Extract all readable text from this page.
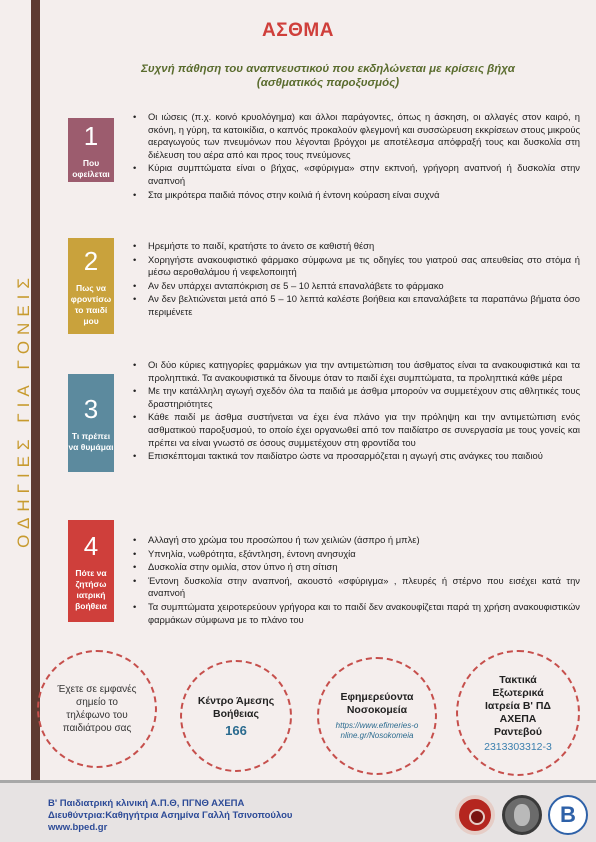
ΟΔΗΓΙΕΣ ΓΙΑ ΓΟΝΕΙΣ
ΑΣΘΜΑ
Συχνή πάθηση του αναπνευστικού που εκδηλώνεται με κρίσεις βήχα
(ασθματικός παροξυσμός)
1
Που οφείλεται
• Οι ιώσεις (π.χ. κοινό κρυολόγημα) και άλλοι παράγοντες, όπως η άσκηση, οι αλλαγές στον καιρό, η σκόνη, η γύρη, τα κατοικίδια, ο καπνός προκαλούν φλεγμονή και συσσώρευση εκκρίσεων στους μικρούς αεραγωγούς των πνευμόνων που λέγονται βρόγχοι με αποτέλεσμα απόφραξή τους και δυσκολία στη διέλευση του αέρα από και προς τους πνεύμονες
• Κύρια συμπτώματα είναι ο βήχας, «σφύριγμα» στην εκπνοή, γρήγορη αναπνοή ή δυσκολία στην αναπνοή
• Στα μικρότερα παιδιά πόνος στην κοιλιά ή έντονη κούραση είναι συχνά
2
Πως να φροντίσω το παιδί μου
• Ηρεμήστε το παιδί, κρατήστε το άνετο σε καθιστή θέση
• Χορηγήστε ανακουφιστικό φάρμακο σύμφωνα με τις οδηγίες του γιατρού σας απευθείας στο στόμα ή μέσω αεροθαλάμου ή νεφελοποιητή
• Αν δεν υπάρχει ανταπόκριση σε 5 – 10 λεπτά επαναλάβετε το φάρμακο
• Αν δεν βελτιώνεται μετά από 5 – 10 λεπτά καλέστε βοήθεια και επαναλάβετε τα παραπάνω βήματα όσο περιμένετε
3
Τι πρέπει να θυμάμαι
• Οι δύο κύριες κατηγορίες φαρμάκων για την αντιμετώπιση του άσθματος είναι τα ανακουφιστικά και τα προληπτικά. Τα ανακουφιστικά τα δίνουμε όταν το παιδί έχει συμπτώματα, τα προληπτικά κάθε μέρα
• Με την κατάλληλη αγωγή σχεδόν όλα τα παιδιά με άσθμα μπορούν να συμμετέχουν στις αθλητικές τους δραστηριότητες
• Κάθε παιδί με άσθμα συστήνεται να έχει ένα πλάνο για την πρόληψη και την αντιμετώπιση ενός ασθματικού παροξυσμού, το οποίο έχει οργανωθεί από τον παιδίατρο σε συνεργασία με τους γονείς και πρέπει να είναι γνωστό σε όσους συμμετέχουν στη φροντίδα του
• Επισκέπτομαι τακτικά τον παιδίατρο ώστε να προσαρμόζεται η αγωγή στις ανάγκες του παιδιού
4
Πότε να ζητήσω ιατρική βοήθεια
• Αλλαγή στο χρώμα του προσώπου ή των χειλιών (άσπρο ή μπλε)
• Υπνηλία, νωθρότητα, εξάντληση, έντονη ανησυχία
• Δυσκολία στην ομιλία, στον ύπνο ή στη σίτιση
• Έντονη δυσκολία στην αναπνοή, ακουστό «σφύριγμα» , πλευρές ή στέρνο που εισέχει κατά την αναπνοή
• Τα συμπτώματα χειροτερεύουν γρήγορα και το παιδί δεν ανακουφίζεται παρά τη χρήση ανακουφιστικών φαρμάκων σύμφωνα με το πλάνο του
Έχετε σε εμφανές σημείο το τηλέφωνο του παιδιάτρου σας
Κέντρο Άμεσης Βοήθειας
166
Εφημερεύοντα Νοσοκομεία
https://www.efimeries-online.gr/Nosokomeia
Τακτικά Εξωτερικά Ιατρεία Β' ΠΔ ΑΧΕΠΑ Ραντεβού
2313303312-3
Β' Παιδιατρική κλινική Α.Π.Θ, ΠΓΝΘ ΑΧΕΠΑ
Διευθύντρια:Καθηγήτρια Ασημίνα Γαλλή Τσινοπούλου
www.bped.gr
B
